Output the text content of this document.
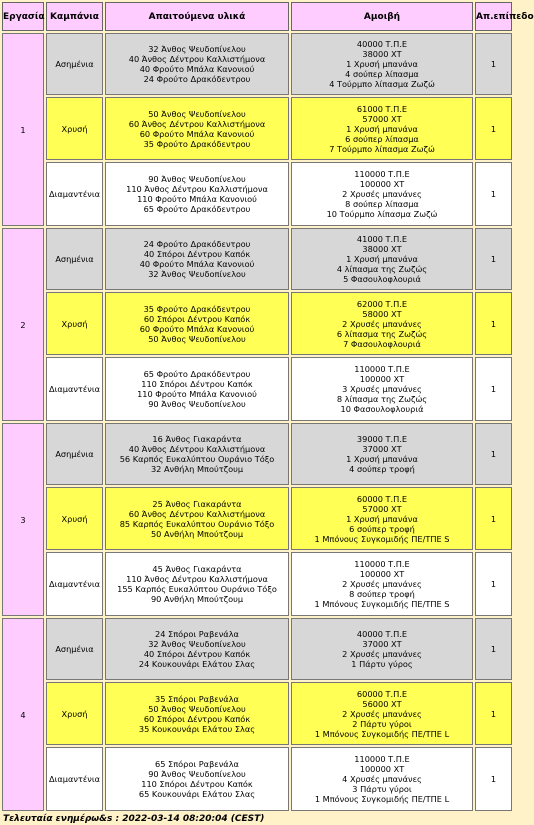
Εργασία	Καμπάνια	Απαιτούμενα υλικά	Αμοιβή	Απ.επίπεδο
1	Ασημένια	32 Άνθος Ψευδοπίνελου
40 Άνθος Δέντρου Καλλιστήμονα
40 Φρούτο Μπάλα Κανονιού
24 Φρούτο Δρακόδεντρου	40000 Τ.Π.Ε
38000 ΧΤ
1 Χρυσή μπανάνα
4 σούπερ λίπασμα
4 Τούρμπο λίπασμα Ζωζώ	1
	Χρυσή	50 Άνθος Ψευδοπίνελου
60 Άνθος Δέντρου Καλλιστήμονα
60 Φρούτο Μπάλα Κανονιού
35 Φρούτο Δρακόδεντρου	61000 Τ.Π.Ε
57000 ΧΤ
1 Χρυσή μπανάνα
6 σούπερ λίπασμα
7 Τούρμπο λίπασμα Ζωζώ	1
	Διαμαντένια	90 Άνθος Ψευδοπίνελου
110 Άνθος Δέντρου Καλλιστήμονα
110 Φρούτο Μπάλα Κανονιού
65 Φρούτο Δρακόδεντρου	110000 Τ.Π.Ε
100000 ΧΤ
2 Χρυσές μπανάνες
8 σούπερ λίπασμα
10 Τούρμπο λίπασμα Ζωζώ	1
2	Ασημένια	24 Φρούτο Δρακόδεντρου
40 Σπόροι Δέντρου Καπόκ
40 Φρούτο Μπάλα Κανονιού
32 Άνθος Ψευδοπίνελου	41000 Τ.Π.Ε
38000 ΧΤ
1 Χρυσή μπανάνα
4 λίπασμα της Ζωζώς
5 Φασουλοφλουριά	1
	Χρυσή	35 Φρούτο Δρακόδεντρου
60 Σπόροι Δέντρου Καπόκ
60 Φρούτο Μπάλα Κανονιού
50 Άνθος Ψευδοπίνελου	62000 Τ.Π.Ε
58000 ΧΤ
2 Χρυσές μπανάνες
6 λίπασμα της Ζωζώς
7 Φασουλοφλουριά	1
	Διαμαντένια	65 Φρούτο Δρακόδεντρου
110 Σπόροι Δέντρου Καπόκ
110 Φρούτο Μπάλα Κανονιού
90 Άνθος Ψευδοπίνελου	110000 Τ.Π.Ε
100000 ΧΤ
3 Χρυσές μπανάνες
8 λίπασμα της Ζωζώς
10 Φασουλοφλουριά	1
3	Ασημένια	16 Άνθος Γιακαράντα
40 Άνθος Δέντρου Καλλιστήμονα
56 Καρπός Ευκαλύπτου Ουράνιο Τόξο
32 Ανθήλη Μπούτζουμ	39000 Τ.Π.Ε
37000 ΧΤ
1 Χρυσή μπανάνα
4 σούπερ τροφή	1
	Χρυσή	25 Άνθος Γιακαράντα
60 Άνθος Δέντρου Καλλιστήμονα
85 Καρπός Ευκαλύπτου Ουράνιο Τόξο
50 Ανθήλη Μπούτζουμ	60000 Τ.Π.Ε
57000 ΧΤ
1 Χρυσή μπανάνα
6 σούπερ τροφή
1 Μπόνους Συγκομιδής ΠΕ/ΤΠΕ S	1
	Διαμαντένια	45 Άνθος Γιακαράντα
110 Άνθος Δέντρου Καλλιστήμονα
155 Καρπός Ευκαλύπτου Ουράνιο Τόξο
90 Ανθήλη Μπούτζουμ	110000 Τ.Π.Ε
100000 ΧΤ
2 Χρυσές μπανάνες
8 σούπερ τροφή
1 Μπόνους Συγκομιδής ΠΕ/ΤΠΕ S	1
4	Ασημένια	24 Σπόροι Ραβενάλα
32 Άνθος Ψευδοπίνελου
40 Σπόροι Δέντρου Καπόκ
24 Κουκουνάρι Ελάτου Σλας	40000 Τ.Π.Ε
37000 ΧΤ
2 Χρυσές μπανάνες
1 Πάρτυ γύρος	1
	Χρυσή	35 Σπόροι Ραβενάλα
50 Άνθος Ψευδοπίνελου
60 Σπόροι Δέντρου Καπόκ
35 Κουκουνάρι Ελάτου Σλας	60000 Τ.Π.Ε
56000 ΧΤ
2 Χρυσές μπανάνες
2 Πάρτυ γύροι
1 Μπόνους Συγκομιδής ΠΕ/ΤΠΕ L	1
	Διαμαντένια	65 Σπόροι Ραβενάλα
90 Άνθος Ψευδοπίνελου
110 Σπόροι Δέντρου Καπόκ
65 Κουκουνάρι Ελάτου Σλας	110000 Τ.Π.Ε
100000 ΧΤ
4 Χρυσές μπανάνες
3 Πάρτυ γύροι
1 Μπόνους Συγκομιδής ΠΕ/ΤΠΕ L	1
Τελευταία ενημέρω&s : 2022-03-14 08:20:04 (CEST)
